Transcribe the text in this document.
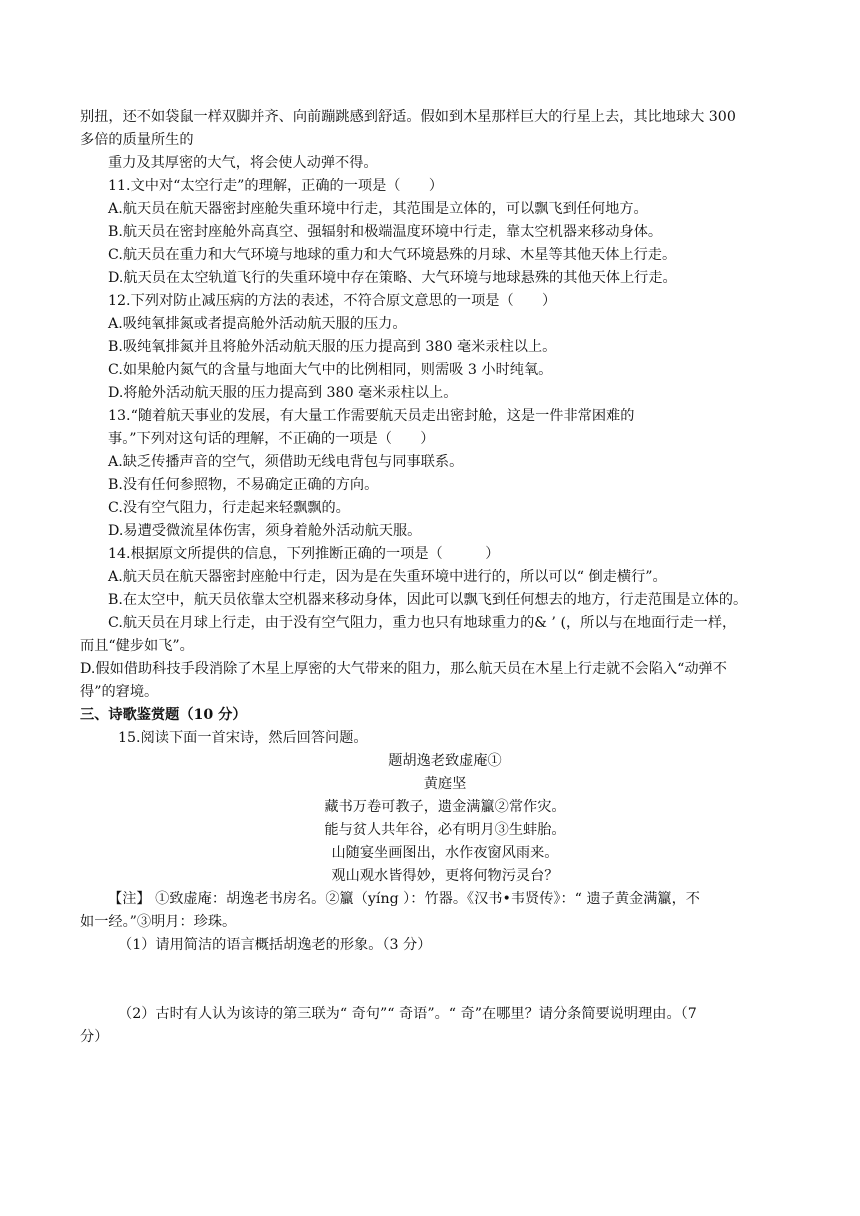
别扭，还不如袋鼠一样双脚并齐、向前蹦跳感到舒适。假如到木星那样巨大的行星上去，其比地球大 300
多倍的质量所生的
重力及其厚密的大气，将会使人动弹不得。
11.文中对“太空行走”的理解，正确的一项是（　　）
A.航天员在航天器密封座舱失重环境中行走，其范围是立体的，可以飘飞到任何地方。
B.航天员在密封座舱外高真空、强辐射和极端温度环境中行走，靠太空机器来移动身体。
C.航天员在重力和大气环境与地球的重力和大气环境悬殊的月球、木星等其他天体上行走。
D.航天员在太空轨道飞行的失重环境中存在策略、大气环境与地球悬殊的其他天体上行走。
12.下列对防止减压病的方法的表述，不符合原文意思的一项是（　　）
A.吸纯氧排氮或者提高舱外活动航天服的压力。
B.吸纯氧排氮并且将舱外活动航天服的压力提高到 380 毫米汞柱以上。
C.如果舱内氮气的含量与地面大气中的比例相同，则需吸 3 小时纯氧。
D.将舱外活动航天服的压力提高到 380 毫米汞柱以上。
13.“随着航天事业的发展，有大量工作需要航天员走出密封舱，这是一件非常困难的
事。”下列对这句话的理解，不正确的一项是（　　）
A.缺乏传播声音的空气，须借助无线电背包与同事联系。
B.没有任何参照物，不易确定正确的方向。
C.没有空气阻力，行走起来轻飘飘的。
D.易遭受微流星体伤害，须身着舱外活动航天服。
14.根据原文所提供的信息，下列推断正确的一项是（　　　）
A.航天员在航天器密封座舱中行走，因为是在失重环境中进行的，所以可以“ 倒走横行”。
B.在太空中，航天员依靠太空机器来移动身体，因此可以飘飞到任何想去的地方，行走范围是立体的。
C.航天员在月球上行走，由于没有空气阻力，重力也只有地球重力的& ’ (，所以与在地面行走一样，
而且“健步如飞”。
D.假如借助科技手段消除了木星上厚密的大气带来的阻力，那么航天员在木星上行走就不会陷入“动弹不
得”的窘境。
三、诗歌鉴赏题（10 分）
15.阅读下面一首宋诗，然后回答问题。
题胡逸老致虚庵①
黄庭坚
藏书万卷可教子，遗金满籯②常作灾。
能与贫人共年谷，必有明月③生蚌胎。
山随宴坐画图出，水作夜窗风雨来。
观山观水皆得妙，更将何物污灵台？
【注】 ①致虚庵：胡逸老书房名。②籯（yíng ）：竹器。《汉书•韦贤传》：“ 遗子黄金满籯，不
如一经。”③明月：珍珠。
（1）请用简洁的语言概括胡逸老的形象。（3 分）
（2）古时有人认为该诗的第三联为“ 奇句”“ 奇语”。“ 奇”在哪里？请分条简要说明理由。（7
分）
